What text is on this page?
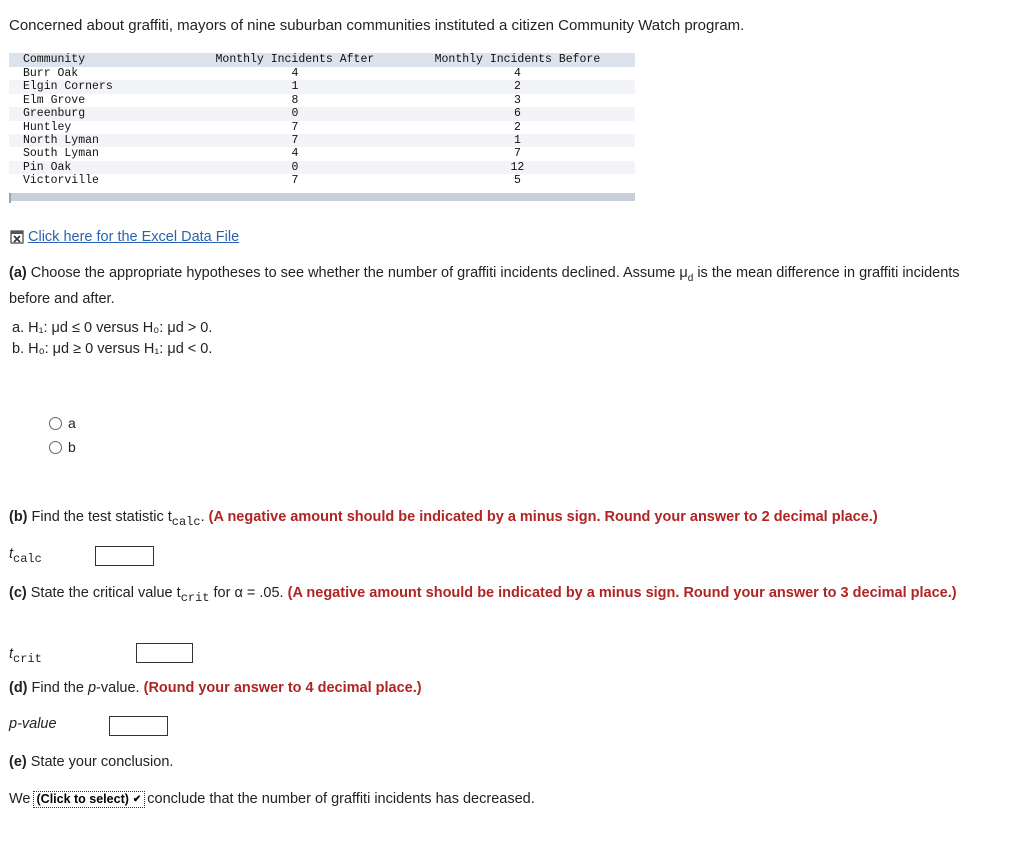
Concerned about graffiti, mayors of nine suburban communities instituted a citizen Community Watch program.
Community	Monthly Incidents After	Monthly Incidents Before
Burr Oak	4	4
Elgin Corners	1	2
Elm Grove	8	3
Greenburg	0	6
Huntley	7	2
North Lyman	7	1
South Lyman	4	7
Pin Oak	0	12
Victorville	7	5
Click here for the Excel Data File
(a) Choose the appropriate hypotheses to see whether the number of graffiti incidents declined. Assume $\mu_d$ is the mean difference in graffiti incidents before and after.
a. H₁: μd ≤ 0 versus H₀: μd > 0.
b. H₀: μd ≥ 0 versus H₁: μd < 0.
a
b
(b) Find the test statistic $t_{calc}$. (A negative amount should be indicated by a minus sign. Round your answer to 2 decimal place.)
$t_{calc}$
(c) State the critical value $t_{crit}$ for α = .05. (A negative amount should be indicated by a minus sign. Round your answer to 3 decimal place.)
$t_{crit}$
(d) Find the p-value. (Round your answer to 4 decimal place.)
p-value
(e) State your conclusion.
We (Click to select) ✔ conclude that the number of graffiti incidents has decreased.
